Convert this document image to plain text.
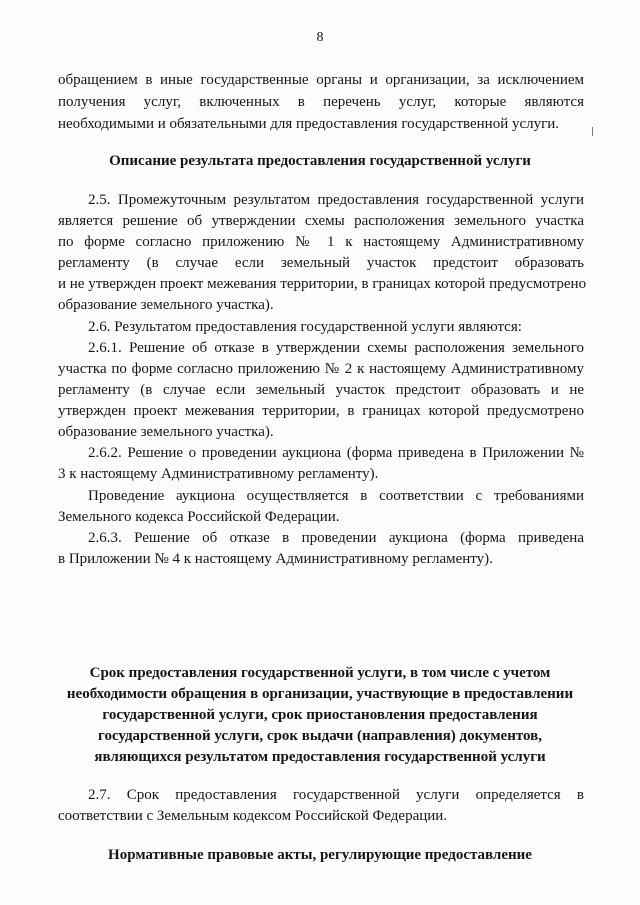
8
обращением в иные государственные органы и организации, за исключением
получения услуг, включенных в перечень услуг, которые являются
необходимыми и обязательными для предоставления государственной услуги.
Описание результата предоставления государственной услуги
2.5. Промежуточным результатом предоставления государственной услуги
является решение об утверждении схемы расположения земельного участка
по форме согласно приложению № 1 к настоящему Административному
регламенту (в случае если земельный участок предстоит образовать
и не утвержден проект межевания территории, в границах которой предусмотрено
образование земельного участка).
2.6. Результатом предоставления государственной услуги являются:
2.6.1. Решение об отказе в утверждении схемы расположения земельного
участка по форме согласно приложению № 2 к настоящему Административному
регламенту (в случае если земельный участок предстоит образовать и не
утвержден проект межевания территории, в границах которой предусмотрено
образование земельного участка).
2.6.2. Решение о проведении аукциона (форма приведена в Приложении №
3 к настоящему Административному регламенту).
Проведение аукциона осуществляется в соответствии с требованиями
Земельного кодекса Российской Федерации.
2.6.3. Решение об отказе в проведении аукциона (форма приведена
в Приложении № 4 к настоящему Административному регламенту).
Срок предоставления государственной услуги, в том числе с учетом
необходимости обращения в организации, участвующие в предоставлении
государственной услуги, срок приостановления предоставления
государственной услуги, срок выдачи (направления) документов,
являющихся результатом предоставления государственной услуги
2.7. Срок предоставления государственной услуги определяется в
соответствии с Земельным кодексом Российской Федерации.
Нормативные правовые акты, регулирующие предоставление
